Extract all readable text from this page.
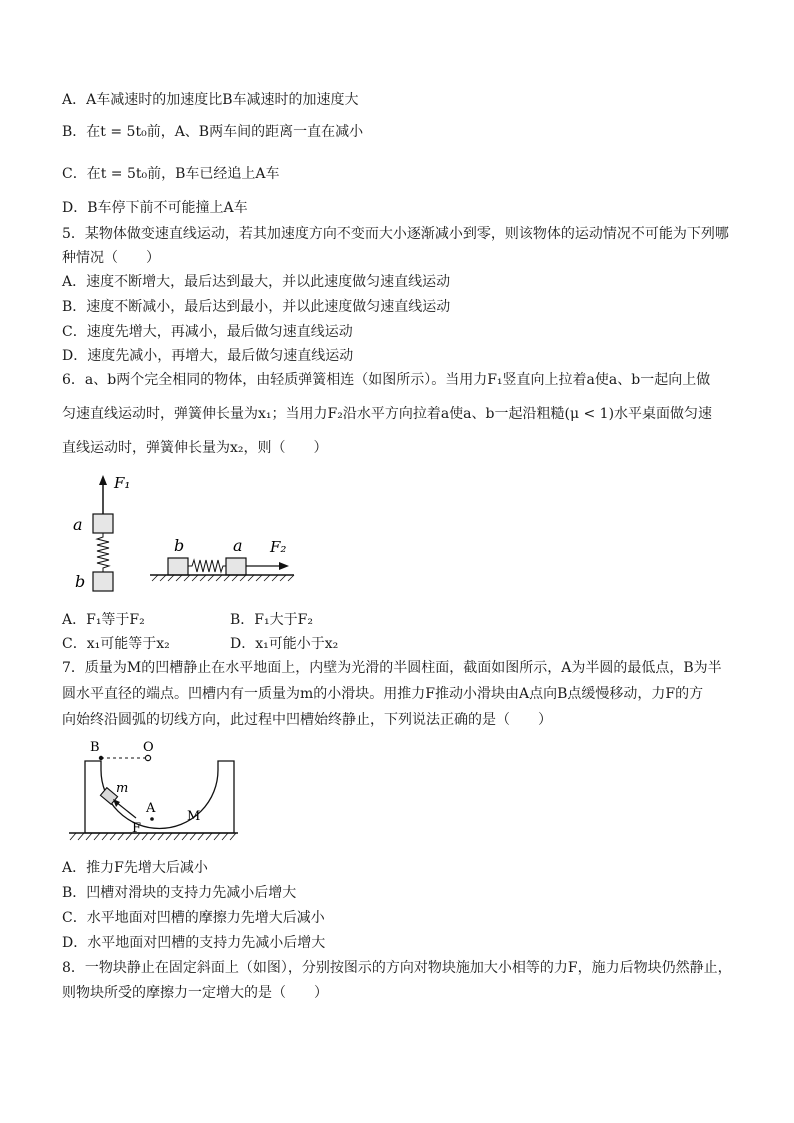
A．A车减速时的加速度比B车减速时的加速度大
B．在t = 5t₀前，A、B两车间的距离一直在减小
C．在t = 5t₀前，B车已经追上A车
D．B车停下前不可能撞上A车
5．某物体做变速直线运动，若其加速度方向不变而大小逐渐减小到零，则该物体的运动情况不可能为下列哪
种情况（　　）
A．速度不断增大，最后达到最大，并以此速度做匀速直线运动
B．速度不断减小，最后达到最小，并以此速度做匀速直线运动
C．速度先增大，再减小，最后做匀速直线运动
D．速度先减小，再增大，最后做匀速直线运动
6．a、b两个完全相同的物体，由轻质弹簧相连（如图所示）。当用力F₁竖直向上拉着a使a、b一起向上做
匀速直线运动时，弹簧伸长量为x₁；当用力F₂沿水平方向拉着a使a、b一起沿粗糙(μ < 1)水平桌面做匀速
直线运动时，弹簧伸长量为x₂，则（　　）
F₁
a
b
b	a F₂
A．F₁等于F₂	B．F₁大于F₂
C．x₁可能等于x₂	D．x₁可能小于x₂
7．质量为M的凹槽静止在水平地面上，内壁为光滑的半圆柱面，截面如图所示，A为半圆的最低点，B为半
圆水平直径的端点。凹槽内有一质量为m的小滑块。用推力F推动小滑块由A点向B点缓慢移动，力F的方
向始终沿圆弧的切线方向，此过程中凹槽始终静止，下列说法正确的是（　　）
B	O
m
A
F
M
A．推力F先增大后减小
B．凹槽对滑块的支持力先减小后增大
C．水平地面对凹槽的摩擦力先增大后减小
D．水平地面对凹槽的支持力先减小后增大
8．一物块静止在固定斜面上（如图），分别按图示的方向对物块施加大小相等的力F，施力后物块仍然静止，
则物块所受的摩擦力一定增大的是（　　）
